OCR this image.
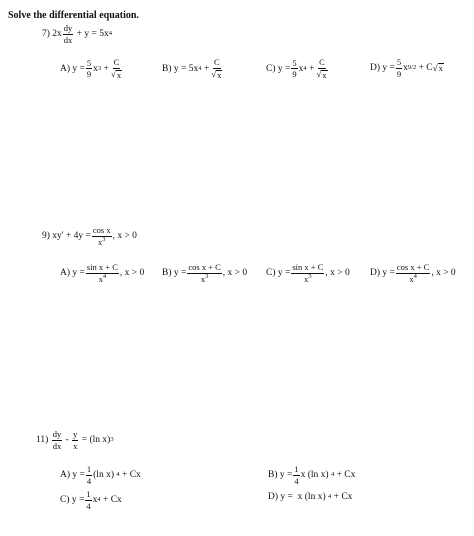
Solve the differential equation.
7)
$2x \frac{dy}{dx}$
+ y = 5x 4
A) $y = \frac{5}{9}$ x 3
+ $\frac{C}{√ x}$	B) y = 5x 4
+ $\frac{C}{√ x}$	C) $y = \frac{5}{9}$ x 4
+ $\frac{C}{√ x}$	D) $y = \frac{5}{9}$ x 9/2
+ C √ x
9)
$xy' + 4y = \frac{\text{cos x}}{x^3}$ , x > 0
A) $y = \frac{\text{sin x + C}}{x^4}$ , x > 0 B) $y = \frac{\text{cos x + C}}{x^3}$ , x > 0 C) $y = \frac{\text{sin x + C}}{x^3}$ , x > 0 D) $y = \frac{\text{cos x + C}}{x^4}$ , x > 0
11)
$\frac{dy}{dx}$
-
$\frac{y}{x}$
= (ln x) 3
A) $y = \frac{1}{4} (\ln$ x)
4
+ Cx	B) $y = \frac{1}{4}$ x (ln x)
4
+ Cx
C) $y = \frac{1}{4}$ x 4
+ Cx	D) y =
x (ln x)
4
+ Cx
